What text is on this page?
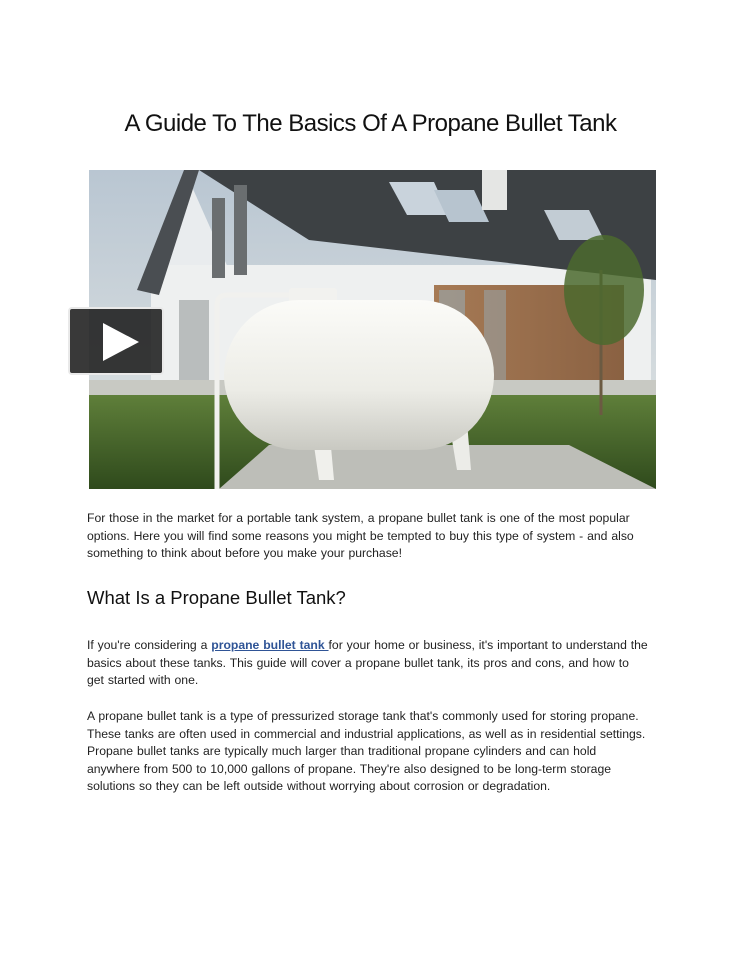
A Guide To The Basics Of A Propane Bullet Tank

For those in the market for a portable tank system, a propane bullet tank is one of the most popular options. Here you will find some reasons you might be tempted to buy this type of system - and also something to think about before you make your purchase!

What Is a Propane Bullet Tank?

If you're considering a propane bullet tank for your home or business, it's important to understand the basics about these tanks. This guide will cover a propane bullet tank, its pros and cons, and how to get started with one.

A propane bullet tank is a type of pressurized storage tank that's commonly used for storing propane. These tanks are often used in commercial and industrial applications, as well as in residential settings. Propane bullet tanks are typically much larger than traditional propane cylinders and can hold anywhere from 500 to 10,000 gallons of propane. They're also designed to be long-term storage solutions so they can be left outside without worrying about corrosion or degradation.
